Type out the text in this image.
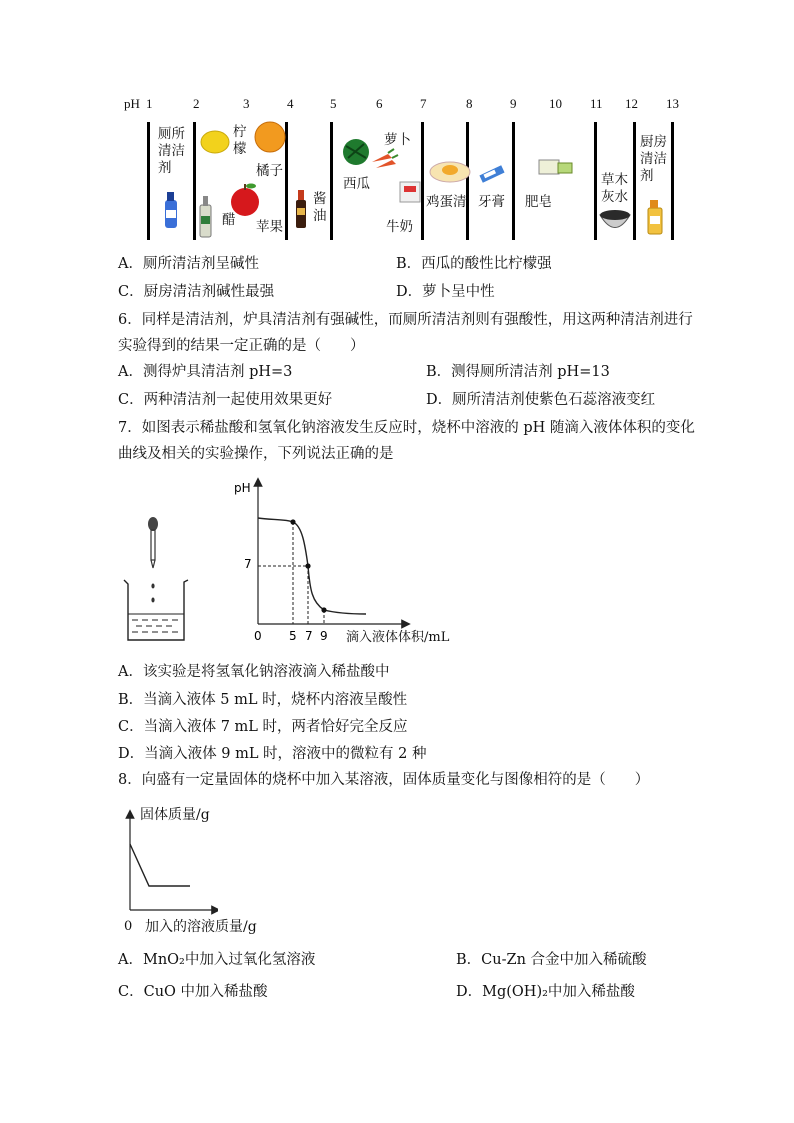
pH 1	2	3	4	5	6	7	8	9	10 11 12 13
厕所
清洁
剂
柠
檬
醋
橘子
苹果
酱
油
西瓜
萝卜
牛奶
鸡蛋清 牙膏 肥皂
草木
灰水
厨房
清洁
剂
A．厕所清洁剂呈碱性	B．西瓜的酸性比柠檬强
C．厨房清洁剂碱性最强	D．萝卜呈中性
6．同样是清洁剂，炉具清洁剂有强碱性，而厕所清洁剂则有强酸性，用这两种清洁剂进行
实验得到的结果一定正确的是（　　）
A．测得炉具清洁剂 pH=3	B．测得厕所清洁剂 pH=13
C．两种清洁剂一起使用效果更好	D．厕所清洁剂使紫色石蕊溶液变红
7．如图表示稀盐酸和氢氧化钠溶液发生反应时，烧杯中溶液的 pH 随滴入液体体积的变化
曲线及相关的实验操作，下列说法正确的是
pH
7
0 5 7 9 滴入液体体积/mL
A．该实验是将氢氧化钠溶液滴入稀盐酸中
B．当滴入液体 5 mL 时，烧杯内溶液呈酸性
C．当滴入液体 7 mL 时，两者恰好完全反应
D．当滴入液体 9 mL 时，溶液中的微粒有 2 种
8．向盛有一定量固体的烧杯中加入某溶液，固体质量变化与图像相符的是（　　）
固体质量/g
0 加入的溶液质量/g
A．MnO₂中加入过氧化氢溶液	B．Cu-Zn 合金中加入稀硫酸
C．CuO 中加入稀盐酸	D．Mg(OH)₂中加入稀盐酸
